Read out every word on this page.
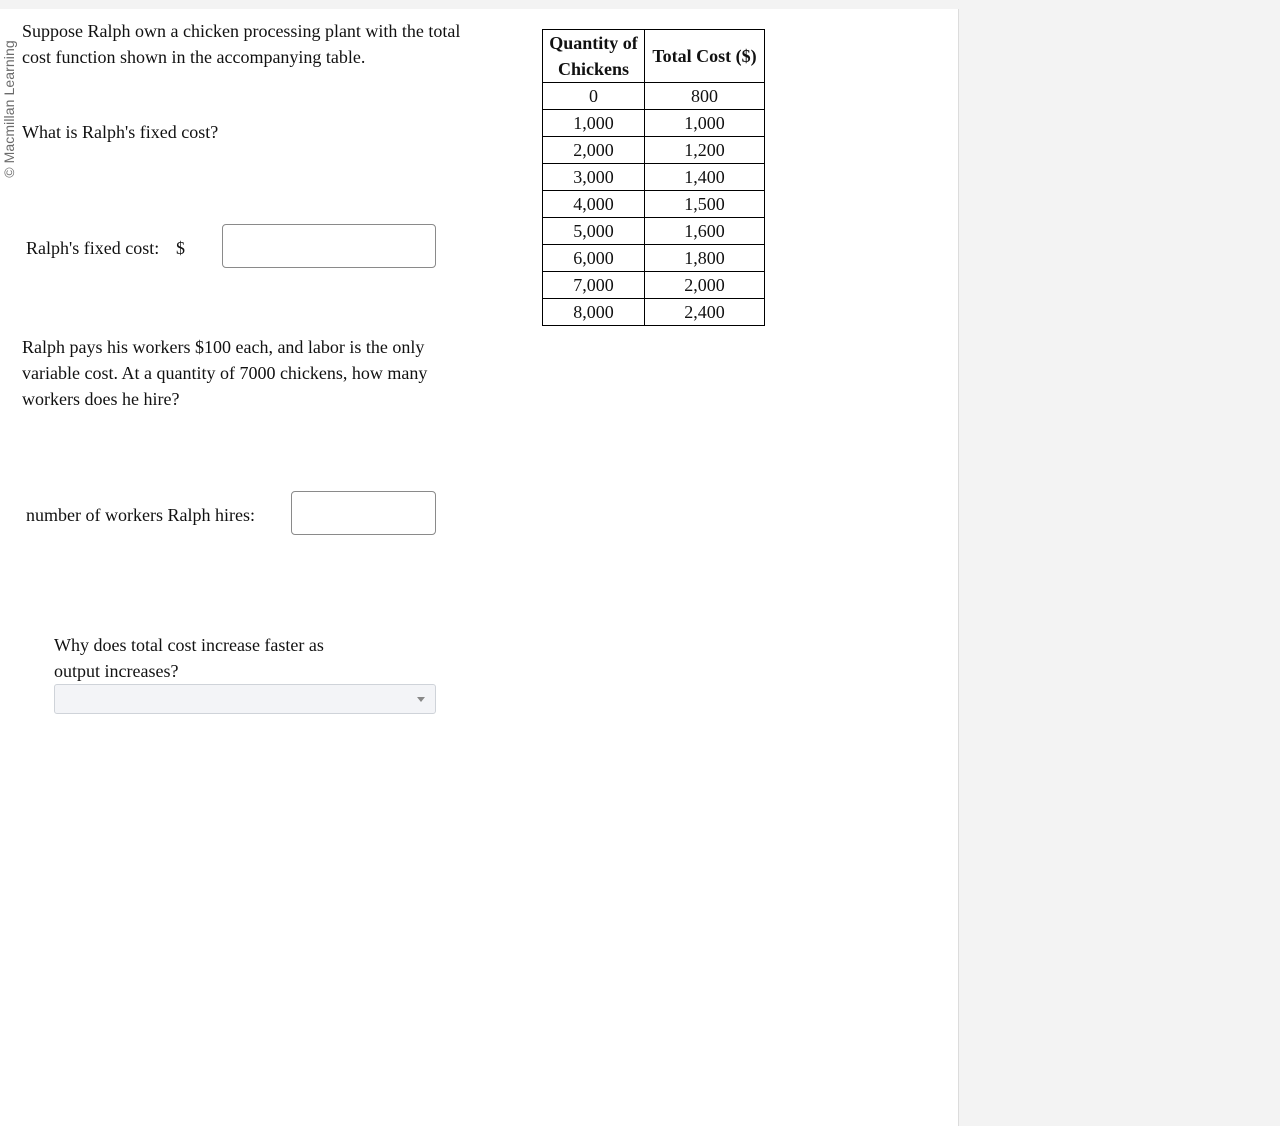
© Macmillan Learning
Suppose Ralph own a chicken processing plant with the total cost function shown in the accompanying table.
What is Ralph's fixed cost?
Ralph's fixed cost: $
Ralph pays his workers $100 each, and labor is the only variable cost. At a quantity of 7000 chickens, how many workers does he hire?
number of workers Ralph hires:
Why does total cost increase faster as output increases?
Quantity of Chickens	Total Cost ($)
0	800
1,000	1,000
2,000	1,200
3,000	1,400
4,000	1,500
5,000	1,600
6,000	1,800
7,000	2,000
8,000	2,400
